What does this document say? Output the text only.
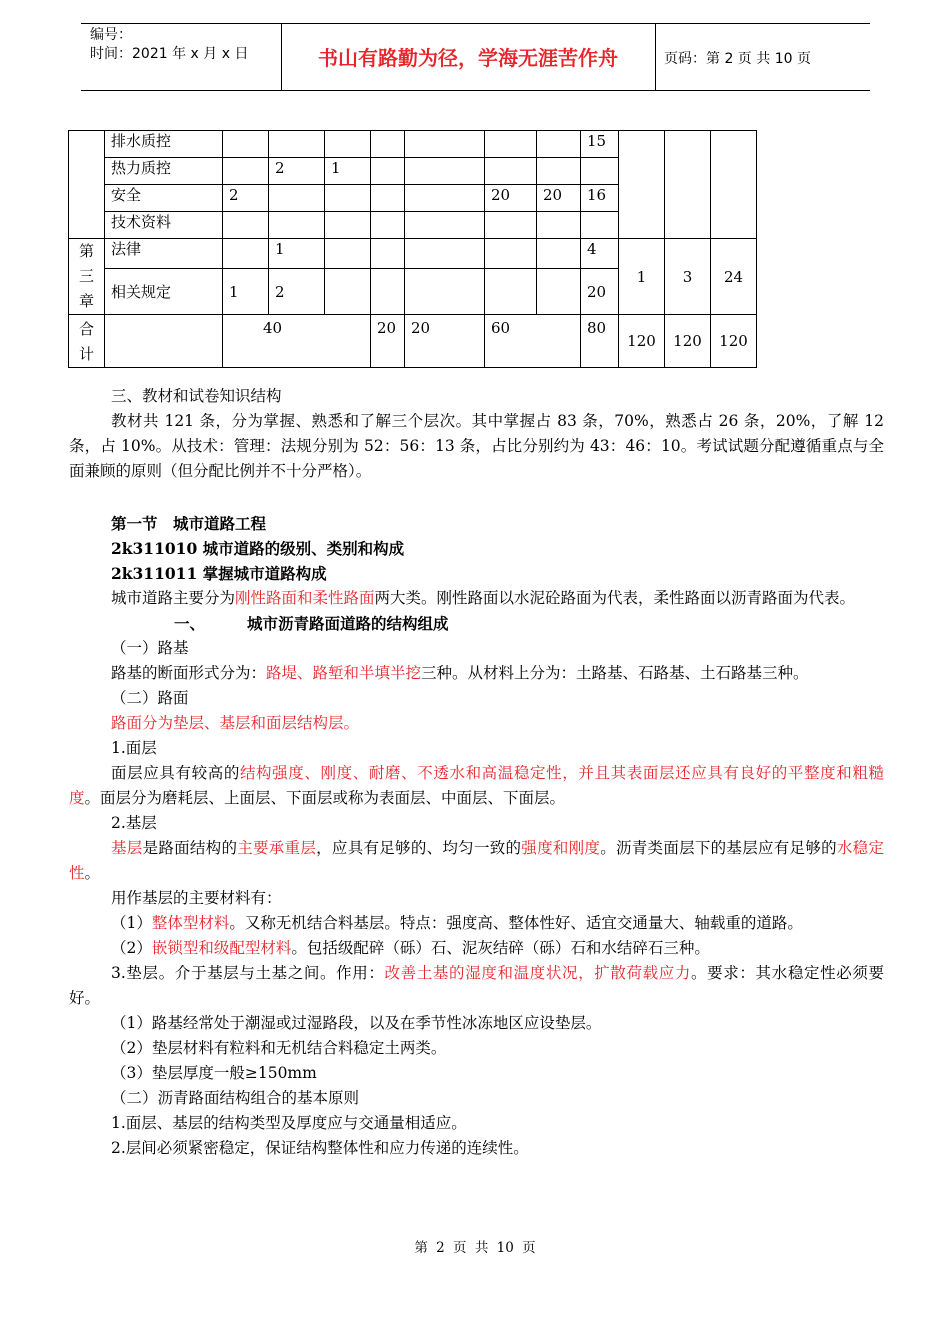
编号：
时间：2021 年 x 月 x 日	书山有路勤为径，学海无涯苦作舟	页码：第 2 页 共 10 页
	排水质控								15			
	热力质控		2	1								
	安全	2					20	20	16			
	技术资料											

第
三
章	法律		1						4	1	3	24
	相关规定	1	2						20			

合
计		40			20	20	60		80	120	120	120

三、教材和试卷知识结构

教材共 121 条，分为掌握、熟悉和了解三个层次。其中掌握占 83 条，70%，熟悉占 26 条，20%，了解 12 条，占 10%。从技术：管理：法规分别为 52：56：13 条，占比分别约为 43：46：10。考试试题分配遵循重点与全面兼顾的原则（但分配比例并不十分严格）。

第一节　城市道路工程

2k311010 城市道路的级别、类别和构成

2k311011 掌握城市道路构成

城市道路主要分为刚性路面和柔性路面两大类。刚性路面以水泥砼路面为代表，柔性路面以沥青路面为代表。

一、	城市沥青路面道路的结构组成

（一）路基

路基的断面形式分为：路堤、路堑和半填半挖三种。从材料上分为：土路基、石路基、土石路基三种。

（二）路面

路面分为垫层、基层和面层结构层。

1.面层

面层应具有较高的结构强度、刚度、耐磨、不透水和高温稳定性，并且其表面层还应具有良好的平整度和粗糙度。面层分为磨耗层、上面层、下面层或称为表面层、中面层、下面层。

2.基层

基层是路面结构的主要承重层，应具有足够的、均匀一致的强度和刚度。沥青类面层下的基层应有足够的水稳定性。

用作基层的主要材料有：

（1）整体型材料。又称无机结合料基层。特点：强度高、整体性好、适宜交通量大、轴载重的道路。

（2）嵌锁型和级配型材料。包括级配碎（砾）石、泥灰结碎（砾）石和水结碎石三种。

3.垫层。介于基层与土基之间。作用：改善土基的湿度和温度状况，扩散荷载应力。要求：其水稳定性必须要好。

（1）路基经常处于潮湿或过湿路段，以及在季节性冰冻地区应设垫层。

（2）垫层材料有粒料和无机结合料稳定土两类。

（3）垫层厚度一般≥150mm

（二）沥青路面结构组合的基本原则

1.面层、基层的结构类型及厚度应与交通量相适应。

2.层间必须紧密稳定，保证结构整体性和应力传递的连续性。

第 2 页 共 10 页
